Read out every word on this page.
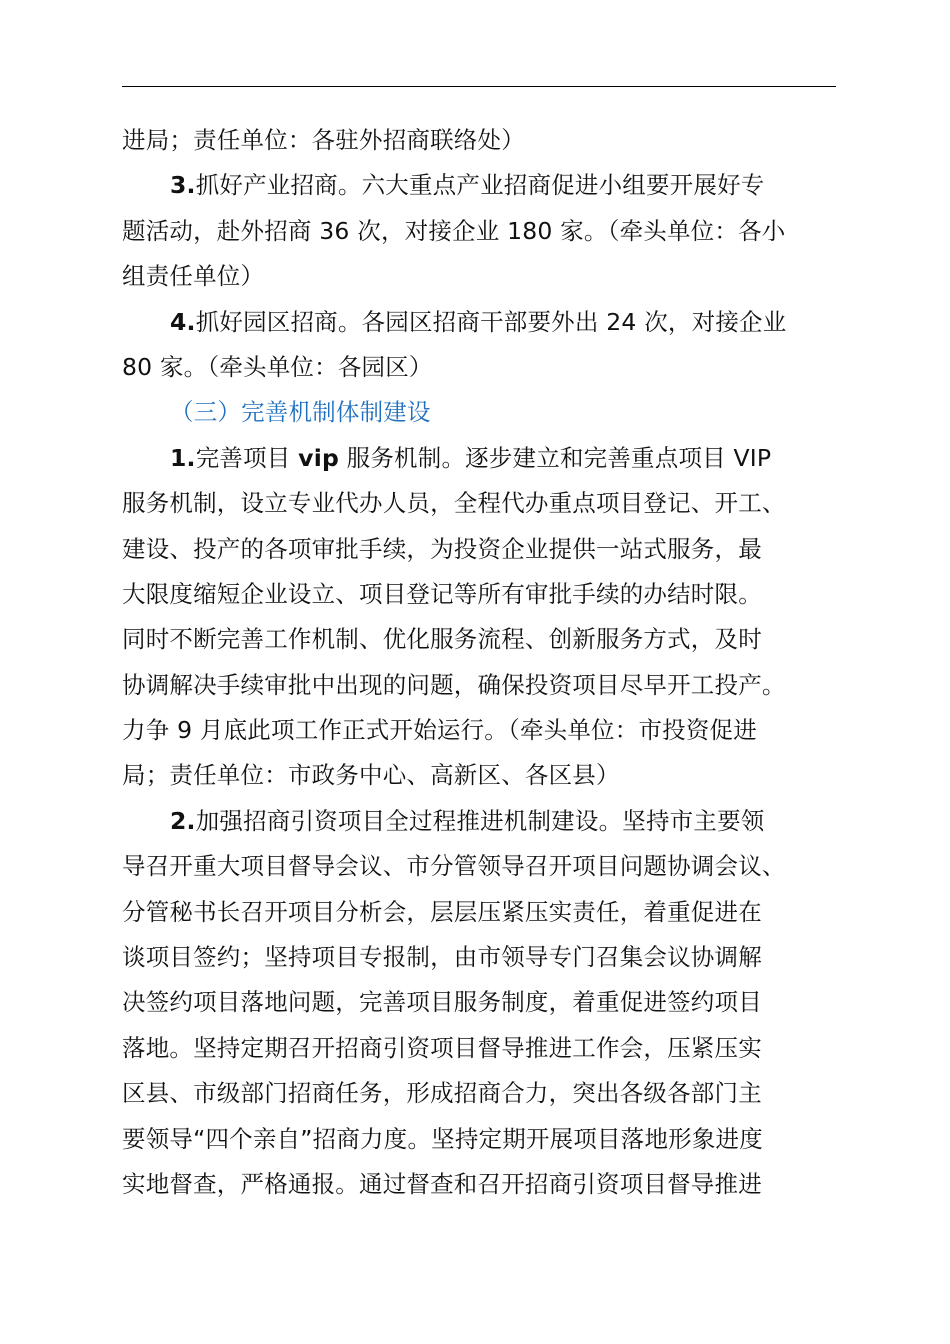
进局；责任单位：各驻外招商联络处）
3.抓好产业招商。六大重点产业招商促进小组要开展好专
题活动，赴外招商 36 次，对接企业 180 家。（牵头单位：各小
组责任单位）
4.抓好园区招商。各园区招商干部要外出 24 次，对接企业
80 家。（牵头单位：各园区）
（三）完善机制体制建设
1.完善项目 vip 服务机制。逐步建立和完善重点项目 VIP
服务机制，设立专业代办人员，全程代办重点项目登记、开工、
建设、投产的各项审批手续，为投资企业提供一站式服务，最
大限度缩短企业设立、项目登记等所有审批手续的办结时限。
同时不断完善工作机制、优化服务流程、创新服务方式，及时
协调解决手续审批中出现的问题，确保投资项目尽早开工投产。
力争 9 月底此项工作正式开始运行。（牵头单位：市投资促进
局；责任单位：市政务中心、高新区、各区县）
2.加强招商引资项目全过程推进机制建设。坚持市主要领
导召开重大项目督导会议、市分管领导召开项目问题协调会议、
分管秘书长召开项目分析会，层层压紧压实责任，着重促进在
谈项目签约；坚持项目专报制，由市领导专门召集会议协调解
决签约项目落地问题，完善项目服务制度，着重促进签约项目
落地。坚持定期召开招商引资项目督导推进工作会，压紧压实
区县、市级部门招商任务，形成招商合力，突出各级各部门主
要领导“四个亲自”招商力度。坚持定期开展项目落地形象进度
实地督查，严格通报。通过督查和召开招商引资项目督导推进
